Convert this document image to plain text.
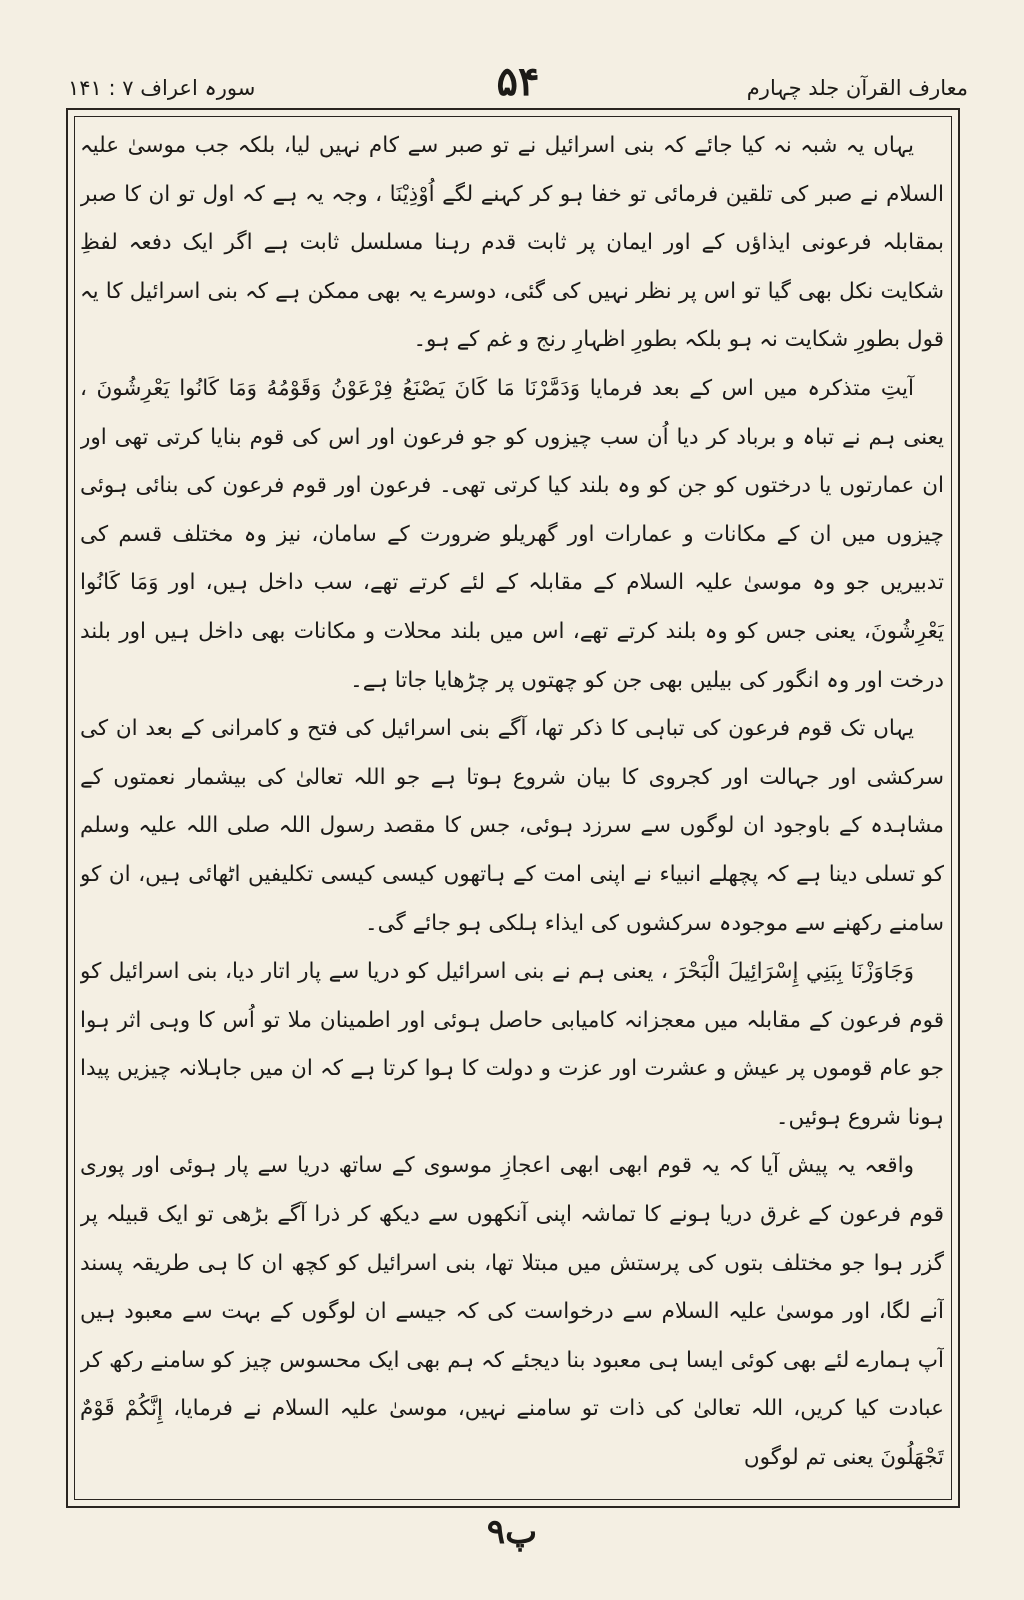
معارف القرآن جلد چہارم
۵۴
سورہ اعراف ۷ : ۱۴۱

یہاں یہ شبہ نہ کیا جائے کہ بنی اسرائیل نے تو صبر سے کام نہیں لیا، بلکہ جب موسیٰ علیہ السلام نے صبر کی تلقین فرمائی تو خفا ہو کر کہنے لگے اُوْذِیْنَا ، وجہ یہ ہے کہ اول تو ان کا صبر بمقابلہ فرعونی ایذاؤں کے اور ایمان پر ثابت قدم رہنا مسلسل ثابت ہے اگر ایک دفعہ لفظِ شکایت نکل بھی گیا تو اس پر نظر نہیں کی گئی، دوسرے یہ بھی ممکن ہے کہ بنی اسرائیل کا یہ قول بطورِ شکایت نہ ہو بلکہ بطورِ اظہارِ رنج و غم کے ہو۔

آیتِ متذکرہ میں اس کے بعد فرمایا وَدَمَّرْنَا مَا كَانَ يَصْنَعُ فِرْعَوْنُ وَقَوْمُهُ وَمَا كَانُوا يَعْرِشُونَ ، یعنی ہم نے تباہ و برباد کر دیا اُن سب چیزوں کو جو فرعون اور اس کی قوم بنایا کرتی تھی اور ان عمارتوں یا درختوں کو جن کو وہ بلند کیا کرتی تھی۔ فرعون اور قوم فرعون کی بنائی ہوئی چیزوں میں ان کے مکانات و عمارات اور گھریلو ضرورت کے سامان، نیز وہ مختلف قسم کی تدبیریں جو وہ موسیٰ علیہ السلام کے مقابلہ کے لئے کرتے تھے، سب داخل ہیں، اور وَمَا كَانُوا يَعْرِشُونَ، یعنی جس کو وہ بلند کرتے تھے، اس میں بلند محلات و مکانات بھی داخل ہیں اور بلند درخت اور وہ انگور کی بیلیں بھی جن کو چھتوں پر چڑھایا جاتا ہے۔

یہاں تک قوم فرعون کی تباہی کا ذکر تھا، آگے بنی اسرائیل کی فتح و کامرانی کے بعد ان کی سرکشی اور جہالت اور کجروی کا بیان شروع ہوتا ہے جو اللہ تعالیٰ کی بیشمار نعمتوں کے مشاہدہ کے باوجود ان لوگوں سے سرزد ہوئی، جس کا مقصد رسول اللہ صلی اللہ علیہ وسلم کو تسلی دینا ہے کہ پچھلے انبیاء نے اپنی امت کے ہاتھوں کیسی کیسی تکلیفیں اٹھائی ہیں، ان کو سامنے رکھنے سے موجودہ سرکشوں کی ایذاء ہلکی ہو جائے گی۔

وَجَاوَزْنَا بِبَنِي إِسْرَائِيلَ الْبَحْرَ ، یعنی ہم نے بنی اسرائیل کو دریا سے پار اتار دیا، بنی اسرائیل کو قوم فرعون کے مقابلہ میں معجزانہ کامیابی حاصل ہوئی اور اطمینان ملا تو اُس کا وہی اثر ہوا جو عام قوموں پر عیش و عشرت اور عزت و دولت کا ہوا کرتا ہے کہ ان میں جاہلانہ چیزیں پیدا ہونا شروع ہوئیں۔

واقعہ یہ پیش آیا کہ یہ قوم ابھی ابھی اعجازِ موسوی کے ساتھ دریا سے پار ہوئی اور پوری قوم فرعون کے غرق دریا ہونے کا تماشہ اپنی آنکھوں سے دیکھ کر ذرا آگے بڑھی تو ایک قبیلہ پر گزر ہوا جو مختلف بتوں کی پرستش میں مبتلا تھا، بنی اسرائیل کو کچھ ان کا ہی طریقہ پسند آنے لگا، اور موسیٰ علیہ السلام سے درخواست کی کہ جیسے ان لوگوں کے بہت سے معبود ہیں آپ ہمارے لئے بھی کوئی ایسا ہی معبود بنا دیجئے کہ ہم بھی ایک محسوس چیز کو سامنے رکھ کر عبادت کیا کریں، اللہ تعالیٰ کی ذات تو سامنے نہیں، موسیٰ علیہ السلام نے فرمایا، إِنَّكُمْ قَوْمٌ تَجْهَلُونَ یعنی تم لوگوں

۹پ
